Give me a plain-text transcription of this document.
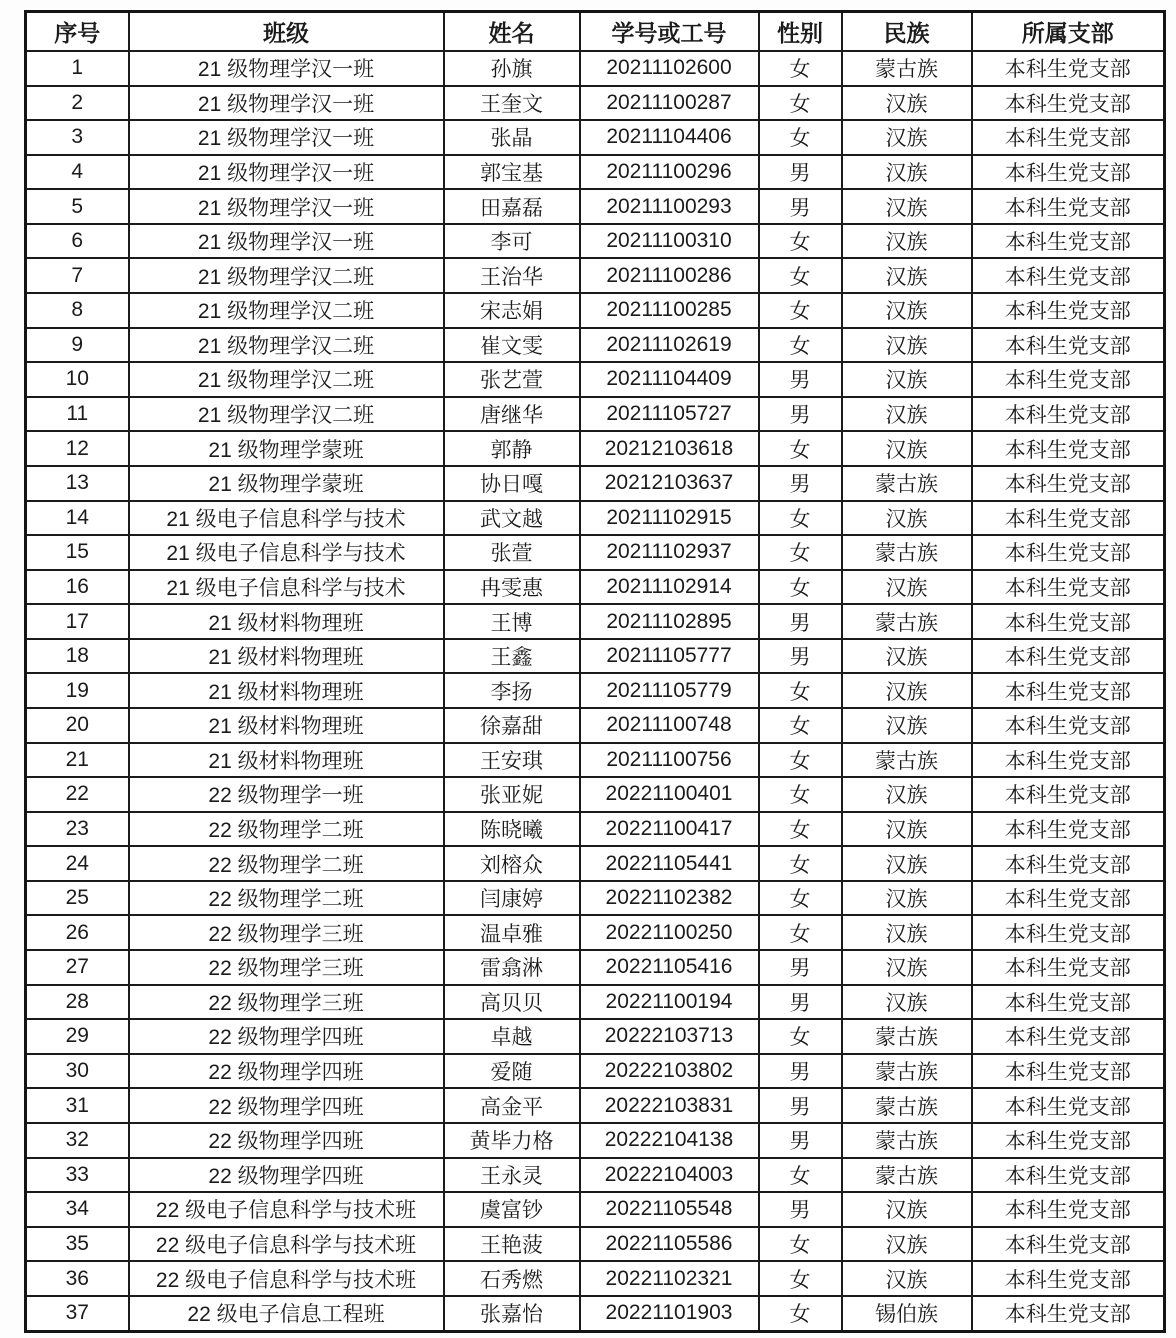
序号	班级	姓名	学号或工号	性别	民族	所属支部
1	21 级物理学汉一班	孙旗	20211102600	女	蒙古族	本科生党支部
2	21 级物理学汉一班	王奎文	20211100287	女	汉族	本科生党支部
3	21 级物理学汉一班	张晶	20211104406	女	汉族	本科生党支部
4	21 级物理学汉一班	郭宝基	20211100296	男	汉族	本科生党支部
5	21 级物理学汉一班	田嘉磊	20211100293	男	汉族	本科生党支部
6	21 级物理学汉一班	李可	20211100310	女	汉族	本科生党支部
7	21 级物理学汉二班	王治华	20211100286	女	汉族	本科生党支部
8	21 级物理学汉二班	宋志娟	20211100285	女	汉族	本科生党支部
9	21 级物理学汉二班	崔文雯	20211102619	女	汉族	本科生党支部
10	21 级物理学汉二班	张艺萱	20211104409	男	汉族	本科生党支部
11	21 级物理学汉二班	唐继华	20211105727	男	汉族	本科生党支部
12	21 级物理学蒙班	郭静	20212103618	女	汉族	本科生党支部
13	21 级物理学蒙班	协日嘎	20212103637	男	蒙古族	本科生党支部
14	21 级电子信息科学与技术	武文越	20211102915	女	汉族	本科生党支部
15	21 级电子信息科学与技术	张萱	20211102937	女	蒙古族	本科生党支部
16	21 级电子信息科学与技术	冉雯惠	20211102914	女	汉族	本科生党支部
17	21 级材料物理班	王博	20211102895	男	蒙古族	本科生党支部
18	21 级材料物理班	王鑫	20211105777	男	汉族	本科生党支部
19	21 级材料物理班	李扬	20211105779	女	汉族	本科生党支部
20	21 级材料物理班	徐嘉甜	20211100748	女	汉族	本科生党支部
21	21 级材料物理班	王安琪	20211100756	女	蒙古族	本科生党支部
22	22 级物理学一班	张亚妮	20221100401	女	汉族	本科生党支部
23	22 级物理学二班	陈晓曦	20221100417	女	汉族	本科生党支部
24	22 级物理学二班	刘榕众	20221105441	女	汉族	本科生党支部
25	22 级物理学二班	闫康婷	20221102382	女	汉族	本科生党支部
26	22 级物理学三班	温卓雅	20221100250	女	汉族	本科生党支部
27	22 级物理学三班	雷翕淋	20221105416	男	汉族	本科生党支部
28	22 级物理学三班	高贝贝	20221100194	男	汉族	本科生党支部
29	22 级物理学四班	卓越	20222103713	女	蒙古族	本科生党支部
30	22 级物理学四班	爱随	20222103802	男	蒙古族	本科生党支部
31	22 级物理学四班	高金平	20222103831	男	蒙古族	本科生党支部
32	22 级物理学四班	黄毕力格	20222104138	男	蒙古族	本科生党支部
33	22 级物理学四班	王永灵	20222104003	女	蒙古族	本科生党支部
34	22 级电子信息科学与技术班	虞富钞	20221105548	男	汉族	本科生党支部
35	22 级电子信息科学与技术班	王艳菠	20221105586	女	汉族	本科生党支部
36	22 级电子信息科学与技术班	石秀燃	20221102321	女	汉族	本科生党支部
37	22 级电子信息工程班	张嘉怡	20221101903	女	锡伯族	本科生党支部
